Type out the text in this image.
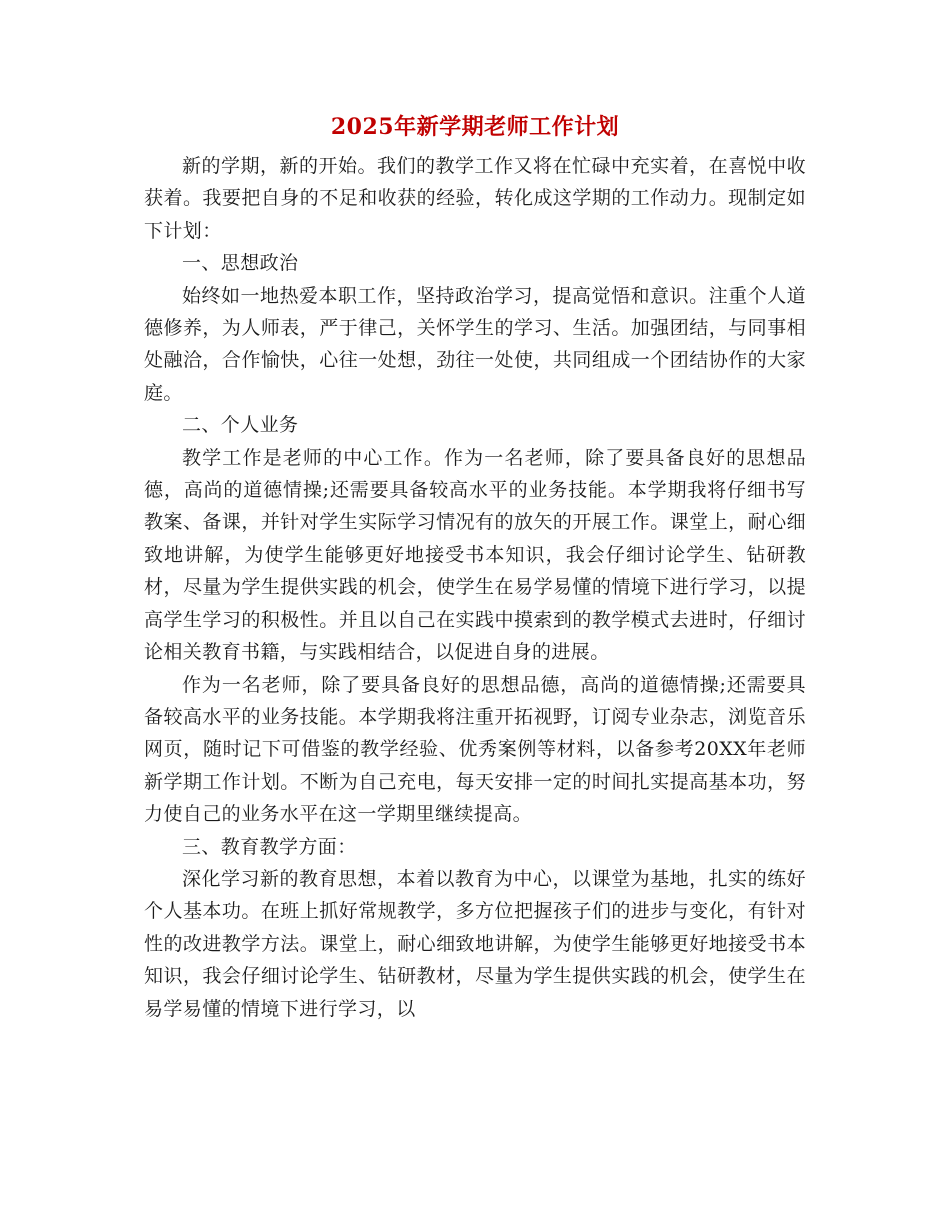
2025年新学期老师工作计划

新的学期，新的开始。我们的教学工作又将在忙碌中充实着，在喜悦中收获着。我要把自身的不足和收获的经验，转化成这学期的工作动力。现制定如下计划：

一、思想政治

始终如一地热爱本职工作，坚持政治学习，提高觉悟和意识。注重个人道德修养，为人师表，严于律己，关怀学生的学习、生活。加强团结，与同事相处融洽，合作愉快，心往一处想，劲往一处使，共同组成一个团结协作的大家庭。

二、个人业务

教学工作是老师的中心工作。作为一名老师，除了要具备良好的思想品德，高尚的道德情操;还需要具备较高水平的业务技能。本学期我将仔细书写教案、备课，并针对学生实际学习情况有的放矢的开展工作。课堂上，耐心细致地讲解，为使学生能够更好地接受书本知识，我会仔细讨论学生、钻研教材，尽量为学生提供实践的机会，使学生在易学易懂的情境下进行学习，以提高学生学习的积极性。并且以自己在实践中摸索到的教学模式去进时，仔细讨论相关教育书籍，与实践相结合，以促进自身的进展。

作为一名老师，除了要具备良好的思想品德，高尚的道德情操;还需要具备较高水平的业务技能。本学期我将注重开拓视野，订阅专业杂志，浏览音乐网页，随时记下可借鉴的教学经验、优秀案例等材料，以备参考20XX年老师新学期工作计划。不断为自己充电，每天安排一定的时间扎实提高基本功，努力使自己的业务水平在这一学期里继续提高。

三、教育教学方面：

深化学习新的教育思想，本着以教育为中心，以课堂为基地，扎实的练好个人基本功。在班上抓好常规教学，多方位把握孩子们的进步与变化，有针对性的改进教学方法。课堂上，耐心细致地讲解，为使学生能够更好地接受书本知识，我会仔细讨论学生、钻研教材，尽量为学生提供实践的机会，使学生在易学易懂的情境下进行学习，以
